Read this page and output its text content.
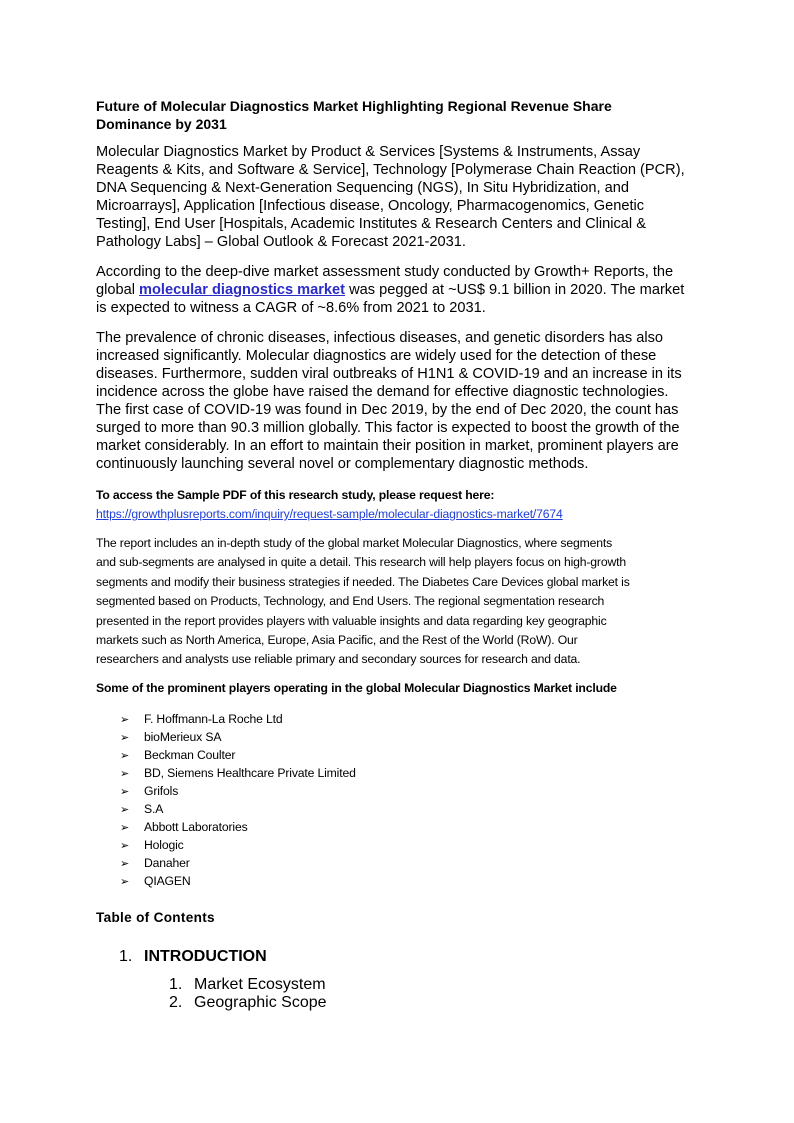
Future of Molecular Diagnostics Market Highlighting Regional Revenue Share
Dominance by 2031
Molecular Diagnostics Market by Product & Services [Systems & Instruments, Assay
Reagents & Kits, and Software & Service], Technology [Polymerase Chain Reaction (PCR),
DNA Sequencing & Next-Generation Sequencing (NGS), In Situ Hybridization, and
Microarrays], Application [Infectious disease, Oncology, Pharmacogenomics, Genetic
Testing], End User [Hospitals, Academic Institutes & Research Centers and Clinical &
Pathology Labs] – Global Outlook & Forecast 2021-2031.
According to the deep-dive market assessment study conducted by Growth+ Reports, the
global molecular diagnostics market was pegged at ~US$ 9.1 billion in 2020. The market
is expected to witness a CAGR of ~8.6% from 2021 to 2031.
The prevalence of chronic diseases, infectious diseases, and genetic disorders has also
increased significantly. Molecular diagnostics are widely used for the detection of these
diseases. Furthermore, sudden viral outbreaks of H1N1 & COVID-19 and an increase in its
incidence across the globe have raised the demand for effective diagnostic technologies.
The first case of COVID-19 was found in Dec 2019, by the end of Dec 2020, the count has
surged to more than 90.3 million globally. This factor is expected to boost the growth of the
market considerably. In an effort to maintain their position in market, prominent players are
continuously launching several novel or complementary diagnostic methods.
To access the Sample PDF of this research study, please request here:
https://growthplusreports.com/inquiry/request-sample/molecular-diagnostics-market/7674
The report includes an in-depth study of the global market Molecular Diagnostics, where segments
and sub-segments are analysed in quite a detail. This research will help players focus on high-growth
segments and modify their business strategies if needed. The Diabetes Care Devices global market is
segmented based on Products, Technology, and End Users. The regional segmentation research
presented in the report provides players with valuable insights and data regarding key geographic
markets such as North America, Europe, Asia Pacific, and the Rest of the World (RoW). Our
researchers and analysts use reliable primary and secondary sources for research and data.
Some of the prominent players operating in the global Molecular Diagnostics Market include
➢ F. Hoffmann-La Roche Ltd
➢ bioMerieux SA
➢ Beckman Coulter
➢ BD, Siemens Healthcare Private Limited
➢ Grifols
➢ S.A
➢ Abbott Laboratories
➢ Hologic
➢ Danaher
➢ QIAGEN
Table of Contents
1. INTRODUCTION
1. Market Ecosystem
2. Geographic Scope
